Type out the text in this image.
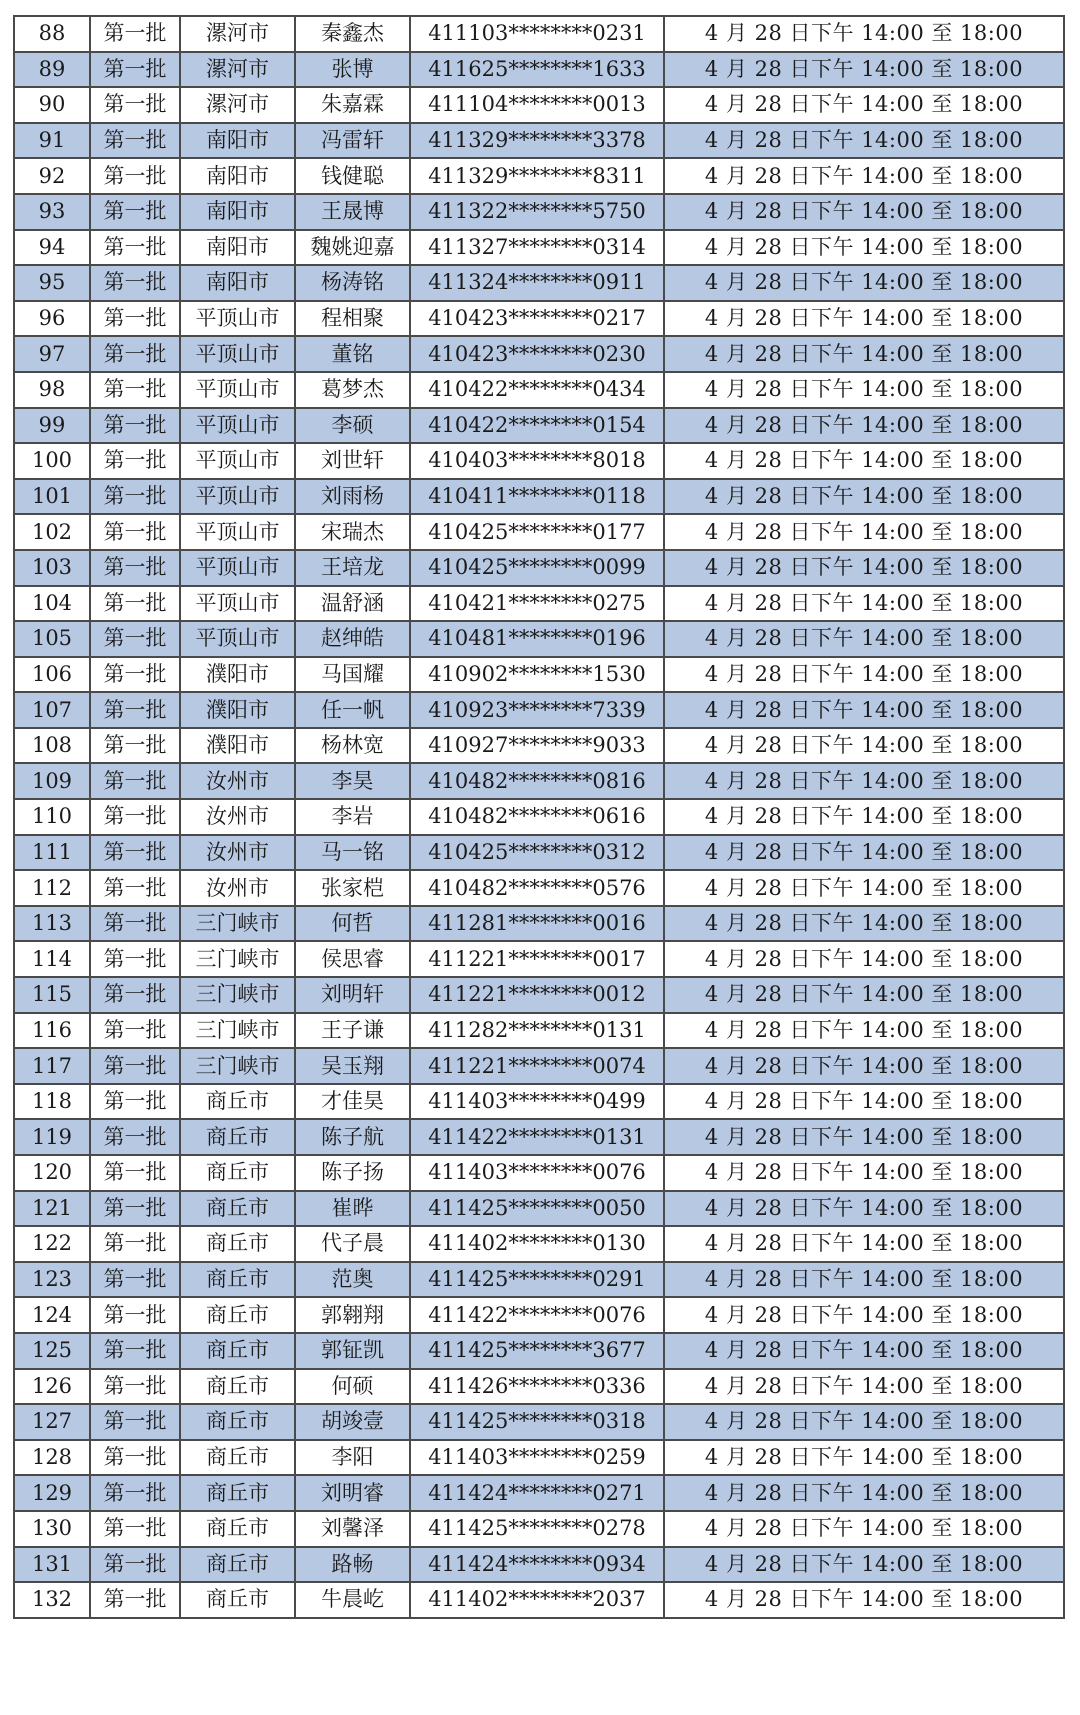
88	第一批	漯河市	秦鑫杰	411103********0231	4 月 28 日下午 14:00 至 18:00
89	第一批	漯河市	张博	411625********1633	4 月 28 日下午 14:00 至 18:00
90	第一批	漯河市	朱嘉霖	411104********0013	4 月 28 日下午 14:00 至 18:00
91	第一批	南阳市	冯雷轩	411329********3378	4 月 28 日下午 14:00 至 18:00
92	第一批	南阳市	钱健聪	411329********8311	4 月 28 日下午 14:00 至 18:00
93	第一批	南阳市	王晟博	411322********5750	4 月 28 日下午 14:00 至 18:00
94	第一批	南阳市	魏姚迎嘉	411327********0314	4 月 28 日下午 14:00 至 18:00
95	第一批	南阳市	杨涛铭	411324********0911	4 月 28 日下午 14:00 至 18:00
96	第一批	平顶山市	程相聚	410423********0217	4 月 28 日下午 14:00 至 18:00
97	第一批	平顶山市	董铭	410423********0230	4 月 28 日下午 14:00 至 18:00
98	第一批	平顶山市	葛梦杰	410422********0434	4 月 28 日下午 14:00 至 18:00
99	第一批	平顶山市	李硕	410422********0154	4 月 28 日下午 14:00 至 18:00
100	第一批	平顶山市	刘世轩	410403********8018	4 月 28 日下午 14:00 至 18:00
101	第一批	平顶山市	刘雨杨	410411********0118	4 月 28 日下午 14:00 至 18:00
102	第一批	平顶山市	宋瑞杰	410425********0177	4 月 28 日下午 14:00 至 18:00
103	第一批	平顶山市	王培龙	410425********0099	4 月 28 日下午 14:00 至 18:00
104	第一批	平顶山市	温舒涵	410421********0275	4 月 28 日下午 14:00 至 18:00
105	第一批	平顶山市	赵绅皓	410481********0196	4 月 28 日下午 14:00 至 18:00
106	第一批	濮阳市	马国耀	410902********1530	4 月 28 日下午 14:00 至 18:00
107	第一批	濮阳市	任一帆	410923********7339	4 月 28 日下午 14:00 至 18:00
108	第一批	濮阳市	杨林宽	410927********9033	4 月 28 日下午 14:00 至 18:00
109	第一批	汝州市	李昊	410482********0816	4 月 28 日下午 14:00 至 18:00
110	第一批	汝州市	李岩	410482********0616	4 月 28 日下午 14:00 至 18:00
111	第一批	汝州市	马一铭	410425********0312	4 月 28 日下午 14:00 至 18:00
112	第一批	汝州市	张家桤	410482********0576	4 月 28 日下午 14:00 至 18:00
113	第一批	三门峡市	何哲	411281********0016	4 月 28 日下午 14:00 至 18:00
114	第一批	三门峡市	侯思睿	411221********0017	4 月 28 日下午 14:00 至 18:00
115	第一批	三门峡市	刘明轩	411221********0012	4 月 28 日下午 14:00 至 18:00
116	第一批	三门峡市	王子谦	411282********0131	4 月 28 日下午 14:00 至 18:00
117	第一批	三门峡市	吴玉翔	411221********0074	4 月 28 日下午 14:00 至 18:00
118	第一批	商丘市	才佳昊	411403********0499	4 月 28 日下午 14:00 至 18:00
119	第一批	商丘市	陈子航	411422********0131	4 月 28 日下午 14:00 至 18:00
120	第一批	商丘市	陈子扬	411403********0076	4 月 28 日下午 14:00 至 18:00
121	第一批	商丘市	崔晔	411425********0050	4 月 28 日下午 14:00 至 18:00
122	第一批	商丘市	代子晨	411402********0130	4 月 28 日下午 14:00 至 18:00
123	第一批	商丘市	范奥	411425********0291	4 月 28 日下午 14:00 至 18:00
124	第一批	商丘市	郭翱翔	411422********0076	4 月 28 日下午 14:00 至 18:00
125	第一批	商丘市	郭钲凯	411425********3677	4 月 28 日下午 14:00 至 18:00
126	第一批	商丘市	何硕	411426********0336	4 月 28 日下午 14:00 至 18:00
127	第一批	商丘市	胡竣壹	411425********0318	4 月 28 日下午 14:00 至 18:00
128	第一批	商丘市	李阳	411403********0259	4 月 28 日下午 14:00 至 18:00
129	第一批	商丘市	刘明睿	411424********0271	4 月 28 日下午 14:00 至 18:00
130	第一批	商丘市	刘馨泽	411425********0278	4 月 28 日下午 14:00 至 18:00
131	第一批	商丘市	路畅	411424********0934	4 月 28 日下午 14:00 至 18:00
132	第一批	商丘市	牛晨屹	411402********2037	4 月 28 日下午 14:00 至 18:00
